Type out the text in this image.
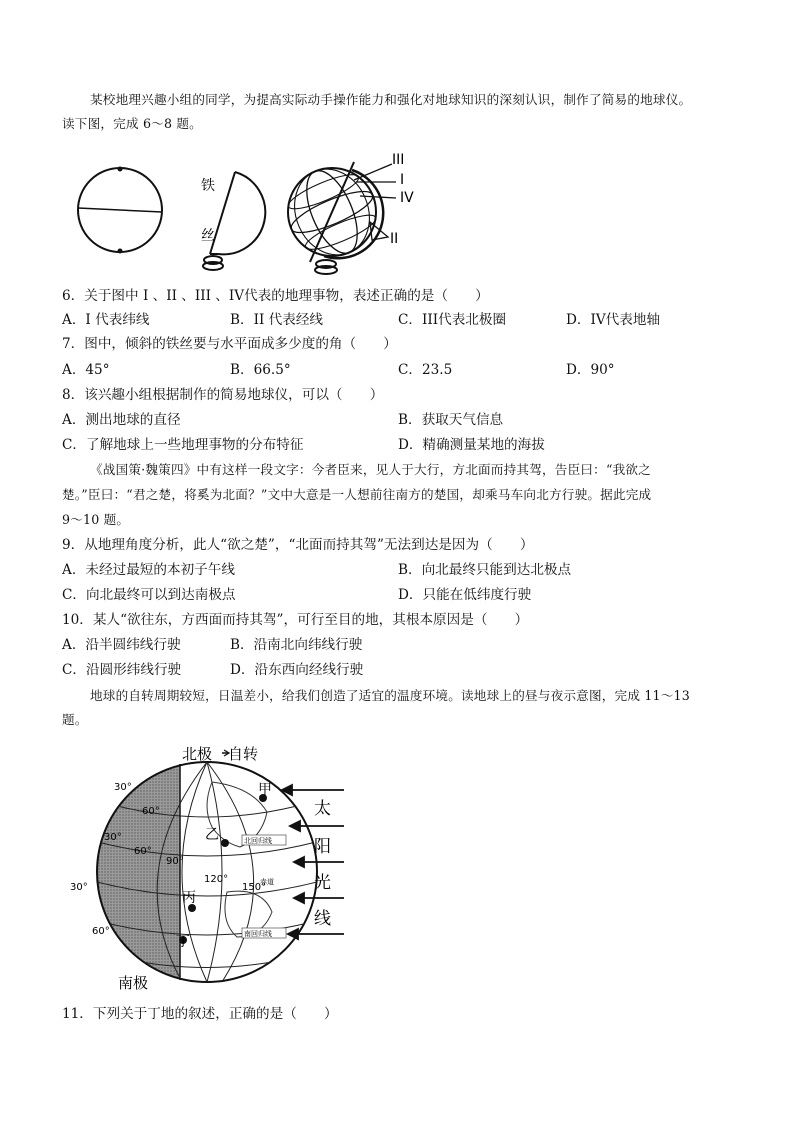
某校地理兴趣小组的同学，为提高实际动手操作能力和强化对地球知识的深刻认识，制作了简易的地球仪。
读下图，完成 6～8 题。
铁
丝
III
I
IV
II
6．关于图中 I 、II 、III 、IV代表的地理事物，表述正确的是（　　）
A．I 代表纬线	B．II 代表经线	C．III代表北极圈	D．IV代表地轴
7．图中，倾斜的铁丝要与水平面成多少度的角（　　）
A．45°	B．66.5°	C．23.5	D．90°
8．该兴趣小组根据制作的简易地球仪，可以（　　）
A．测出地球的直径	B．获取天气信息
C．了解地球上一些地理事物的分布特征	D．精确测量某地的海拔
《战国策·魏策四》中有这样一段文字：今者臣来，见人于大行，方北面而持其驾，告臣曰：“我欲之
楚。”臣曰：“君之楚，将奚为北面？”文中大意是一人想前往南方的楚国，却乘马车向北方行驶。据此完成
9～10 题。
9．从地理角度分析，此人“欲之楚”，“北面而持其驾”无法到达是因为（　　）
A．未经过最短的本初子午线	B．向北最终只能到达北极点
C．向北最终可以到达南极点	D．只能在低纬度行驶
10．某人“欲往东，方西面而持其驾”，可行至目的地，其根本原因是（　　）
A．沿半圆纬线行驶	B．沿南北向纬线行驶
C．沿圆形纬线行驶	D．沿东西向经线行驶
地球的自转周期较短，日温差小，给我们创造了适宜的温度环境。读地球上的昼与夜示意图，完成 11～13
题。
北回归线
赤道
南回归线
30°
60°
30°
60°
90°
120°
150°
30°
60°
北极 自转
南极
甲
乙
丙
丁
太
阳
光
线
11．下列关于丁地的叙述，正确的是（　　）
